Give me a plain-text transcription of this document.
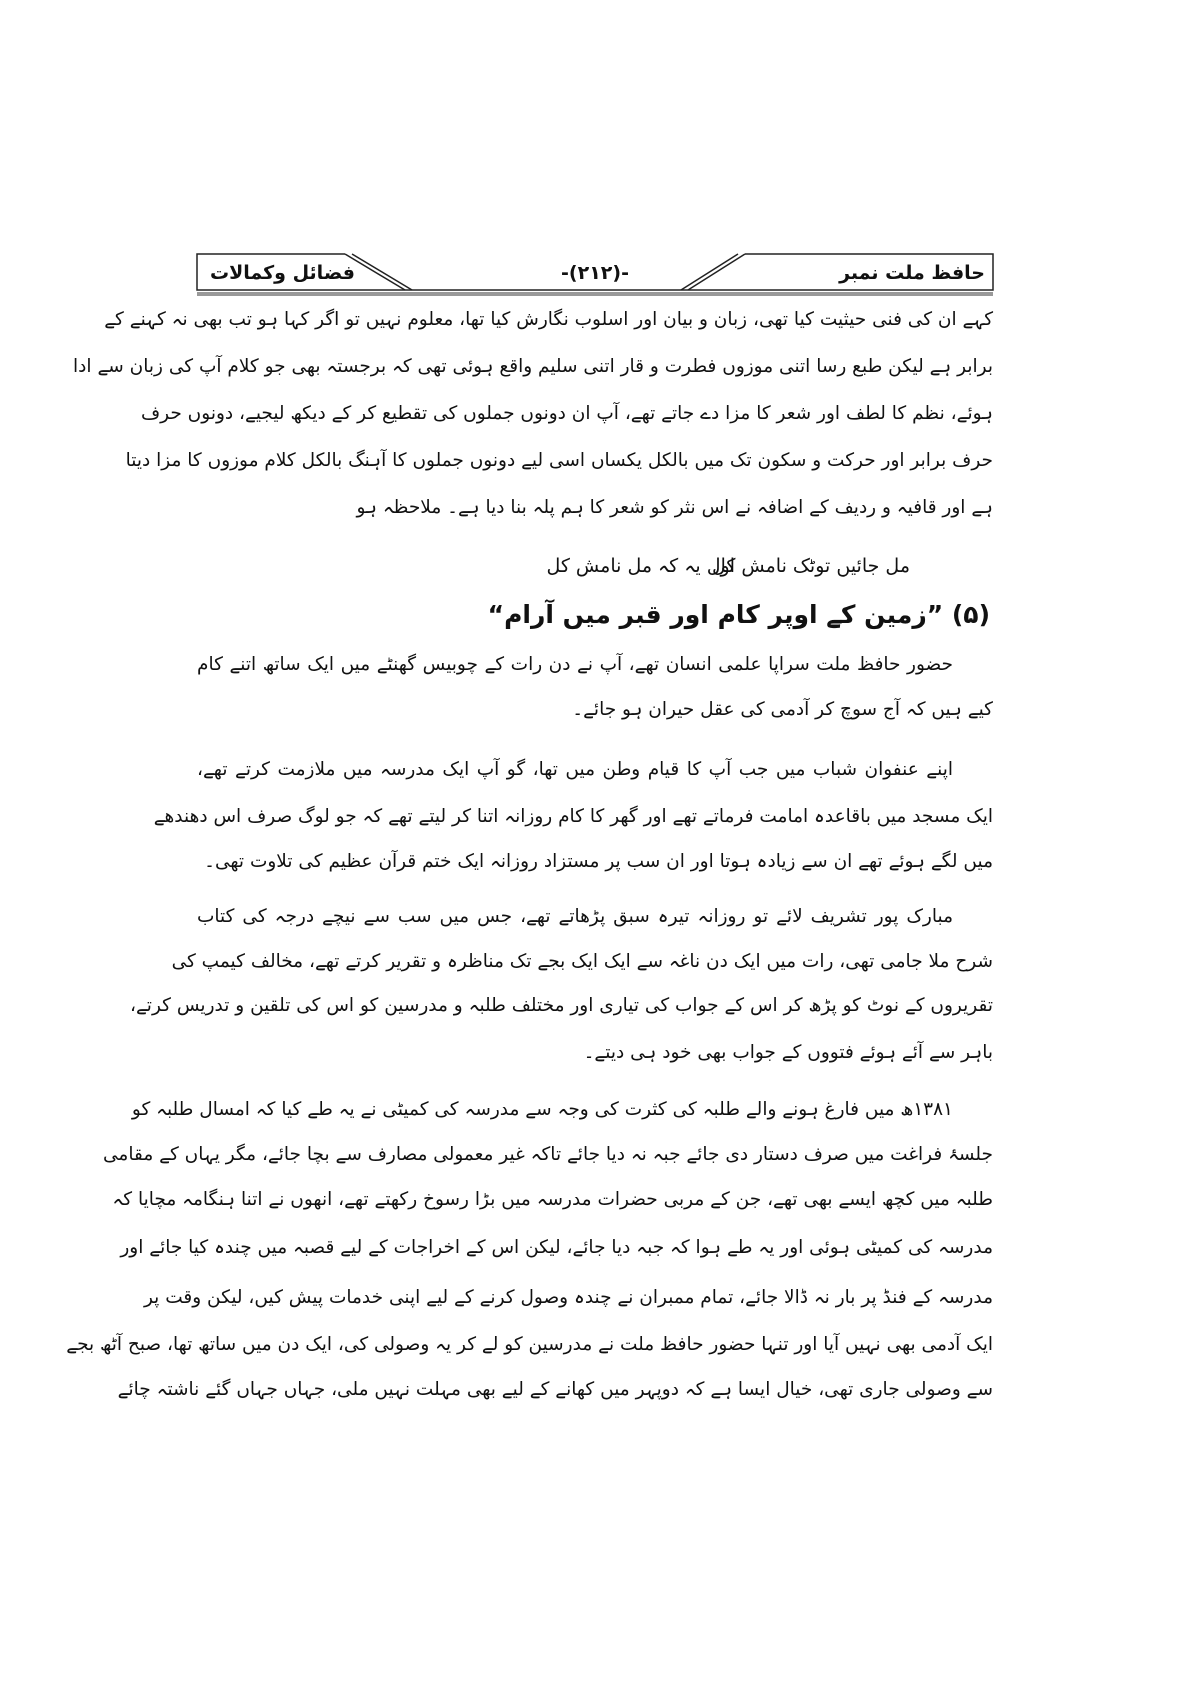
فضائل وکمالات	-(۲۱۲)-	حافظ ملت نمبر
کہے ان کی فنی حیثیت کیا تھی، زبان و بیان اور اسلوب نگارش کیا تھا، معلوم نہیں تو اگر کہا ہو تب بھی نہ کہنے کے
برابر ہے لیکن طبع رسا اتنی موزوں فطرت و قار اتنی سلیم واقع ہوئی تھی کہ برجستہ بھی جو کلام آپ کی زبان سے ادا
ہوئے، نظم کا لطف اور شعر کا مزا دے جاتے تھے، آپ ان دونوں جملوں کی تقطیع کر کے دیکھ لیجیے، دونوں حرف
حرف برابر اور حرکت و سکون تک میں بالکل یکساں اسی لیے دونوں جملوں کا آہنگ بالکل کلام موزوں کا مزا دیتا
ہے اور قافیہ و ردیف کے اضافہ نے اس نثر کو شعر کا ہم پلہ بنا دیا ہے۔ ملاحظہ ہو
اول یہ کہ مل نامش کل
مل جائیں توٹک نامش کل
(۵) ”زمین کے اوپر کام اور قبر میں آرام“
حضور حافظ ملت سراپا علمی انسان تھے، آپ نے دن رات کے چوبیس گھنٹے میں ایک ساتھ اتنے کام
کیے ہیں کہ آج سوچ کر آدمی کی عقل حیران ہو جائے۔
اپنے عنفوان شباب میں جب آپ کا قیام وطن میں تھا، گو آپ ایک مدرسہ میں ملازمت کرتے تھے،
ایک مسجد میں باقاعدہ امامت فرماتے تھے اور گھر کا کام روزانہ اتنا کر لیتے تھے کہ جو لوگ صرف اس دھندھے
میں لگے ہوئے تھے ان سے زیادہ ہوتا اور ان سب پر مستزاد روزانہ ایک ختم قرآن عظیم کی تلاوت تھی۔
مبارک پور تشریف لائے تو روزانہ تیرہ سبق پڑھاتے تھے، جس میں سب سے نیچے درجہ کی کتاب
شرح ملا جامی تھی، رات میں ایک دن ناغہ سے ایک ایک بجے تک مناظرہ و تقریر کرتے تھے، مخالف کیمپ کی
تقریروں کے نوٹ کو پڑھ کر اس کے جواب کی تیاری اور مختلف طلبہ و مدرسین کو اس کی تلقین و تدریس کرتے،
باہر سے آئے ہوئے فتووں کے جواب بھی خود ہی دیتے۔
۱۳۸۱ھ میں فارغ ہونے والے طلبہ کی کثرت کی وجہ سے مدرسہ کی کمیٹی نے یہ طے کیا کہ امسال طلبہ کو
جلسۂ فراغت میں صرف دستار دی جائے جبہ نہ دیا جائے تاکہ غیر معمولی مصارف سے بچا جائے، مگر یہاں کے مقامی
طلبہ میں کچھ ایسے بھی تھے، جن کے مربی حضرات مدرسہ میں بڑا رسوخ رکھتے تھے، انھوں نے اتنا ہنگامہ مچایا کہ
مدرسہ کی کمیٹی ہوئی اور یہ طے ہوا کہ جبہ دیا جائے، لیکن اس کے اخراجات کے لیے قصبہ میں چندہ کیا جائے اور
مدرسہ کے فنڈ پر بار نہ ڈالا جائے، تمام ممبران نے چندہ وصول کرنے کے لیے اپنی خدمات پیش کیں، لیکن وقت پر
ایک آدمی بھی نہیں آیا اور تنہا حضور حافظ ملت نے مدرسین کو لے کر یہ وصولی کی، ایک دن میں ساتھ تھا، صبح آٹھ بجے
سے وصولی جاری تھی، خیال ایسا ہے کہ دوپہر میں کھانے کے لیے بھی مہلت نہیں ملی، جہاں جہاں گئے ناشتہ چائے
